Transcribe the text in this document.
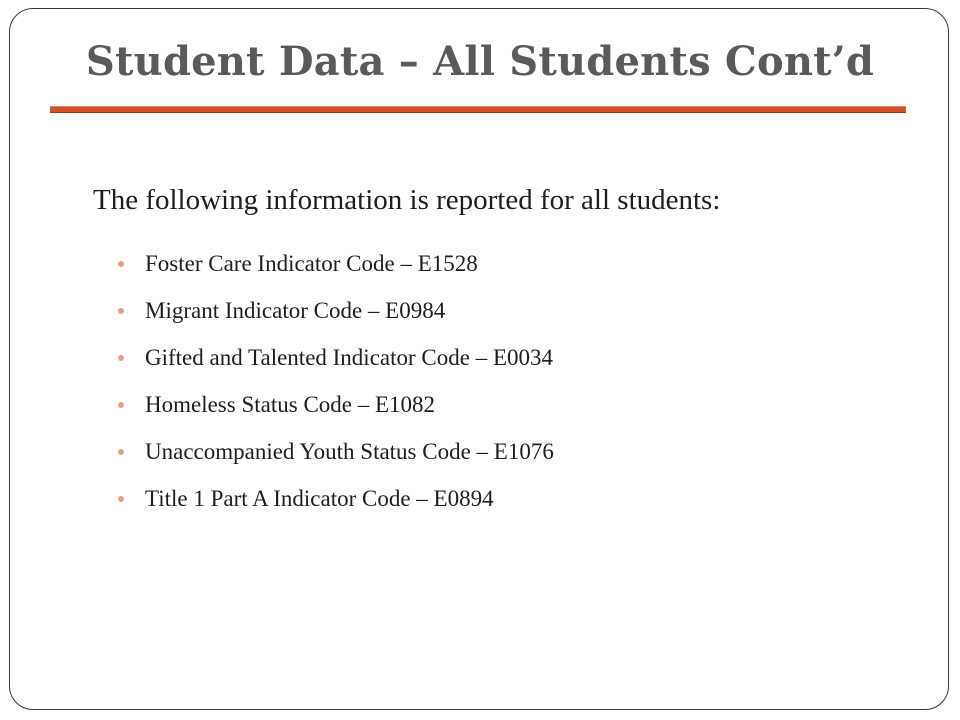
Student Data – All Students Cont’d

The following information is reported for all students:

Foster Care Indicator Code – E1528
Migrant Indicator Code – E0984
Gifted and Talented Indicator Code – E0034
Homeless Status Code – E1082
Unaccompanied Youth Status Code – E1076
Title 1 Part A Indicator Code – E0894
